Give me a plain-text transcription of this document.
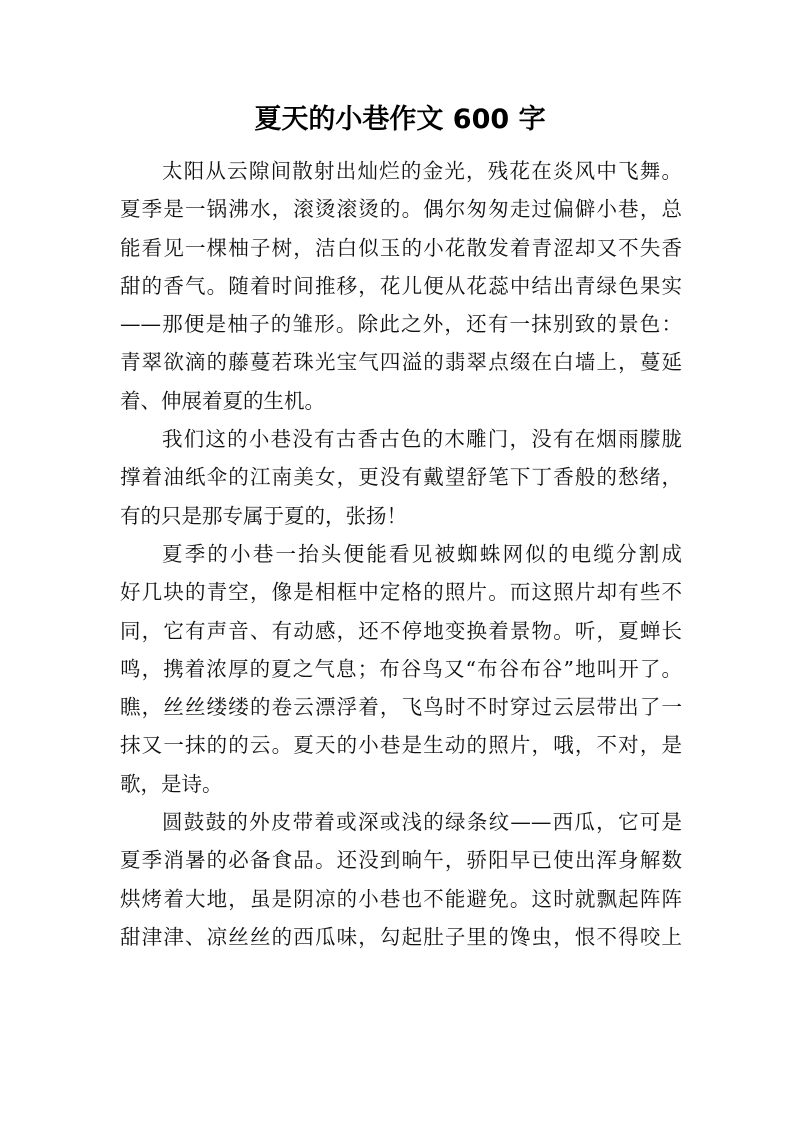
夏天的小巷作文 600 字
太阳从云隙间散射出灿烂的金光，残花在炎风中飞舞。
夏季是一锅沸水，滚烫滚烫的。偶尔匆匆走过偏僻小巷，总
能看见一棵柚子树，洁白似玉的小花散发着青涩却又不失香
甜的香气。随着时间推移，花儿便从花蕊中结出青绿色果实
——那便是柚子的雏形。除此之外，还有一抹别致的景色：
青翠欲滴的藤蔓若珠光宝气四溢的翡翠点缀在白墙上，蔓延
着、伸展着夏的生机。
我们这的小巷没有古香古色的木雕门，没有在烟雨朦胧
撑着油纸伞的江南美女，更没有戴望舒笔下丁香般的愁绪，
有的只是那专属于夏的，张扬！
夏季的小巷一抬头便能看见被蜘蛛网似的电缆分割成
好几块的青空，像是相框中定格的照片。而这照片却有些不
同，它有声音、有动感，还不停地变换着景物。听，夏蝉长
鸣，携着浓厚的夏之气息；布谷鸟又“布谷布谷”地叫开了。
瞧，丝丝缕缕的卷云漂浮着，飞鸟时不时穿过云层带出了一
抹又一抹的的云。夏天的小巷是生动的照片，哦，不对，是
歌，是诗。
圆鼓鼓的外皮带着或深或浅的绿条纹——西瓜，它可是
夏季消暑的必备食品。还没到晌午，骄阳早已使出浑身解数
烘烤着大地，虽是阴凉的小巷也不能避免。这时就飘起阵阵
甜津津、凉丝丝的西瓜味，勾起肚子里的馋虫，恨不得咬上
